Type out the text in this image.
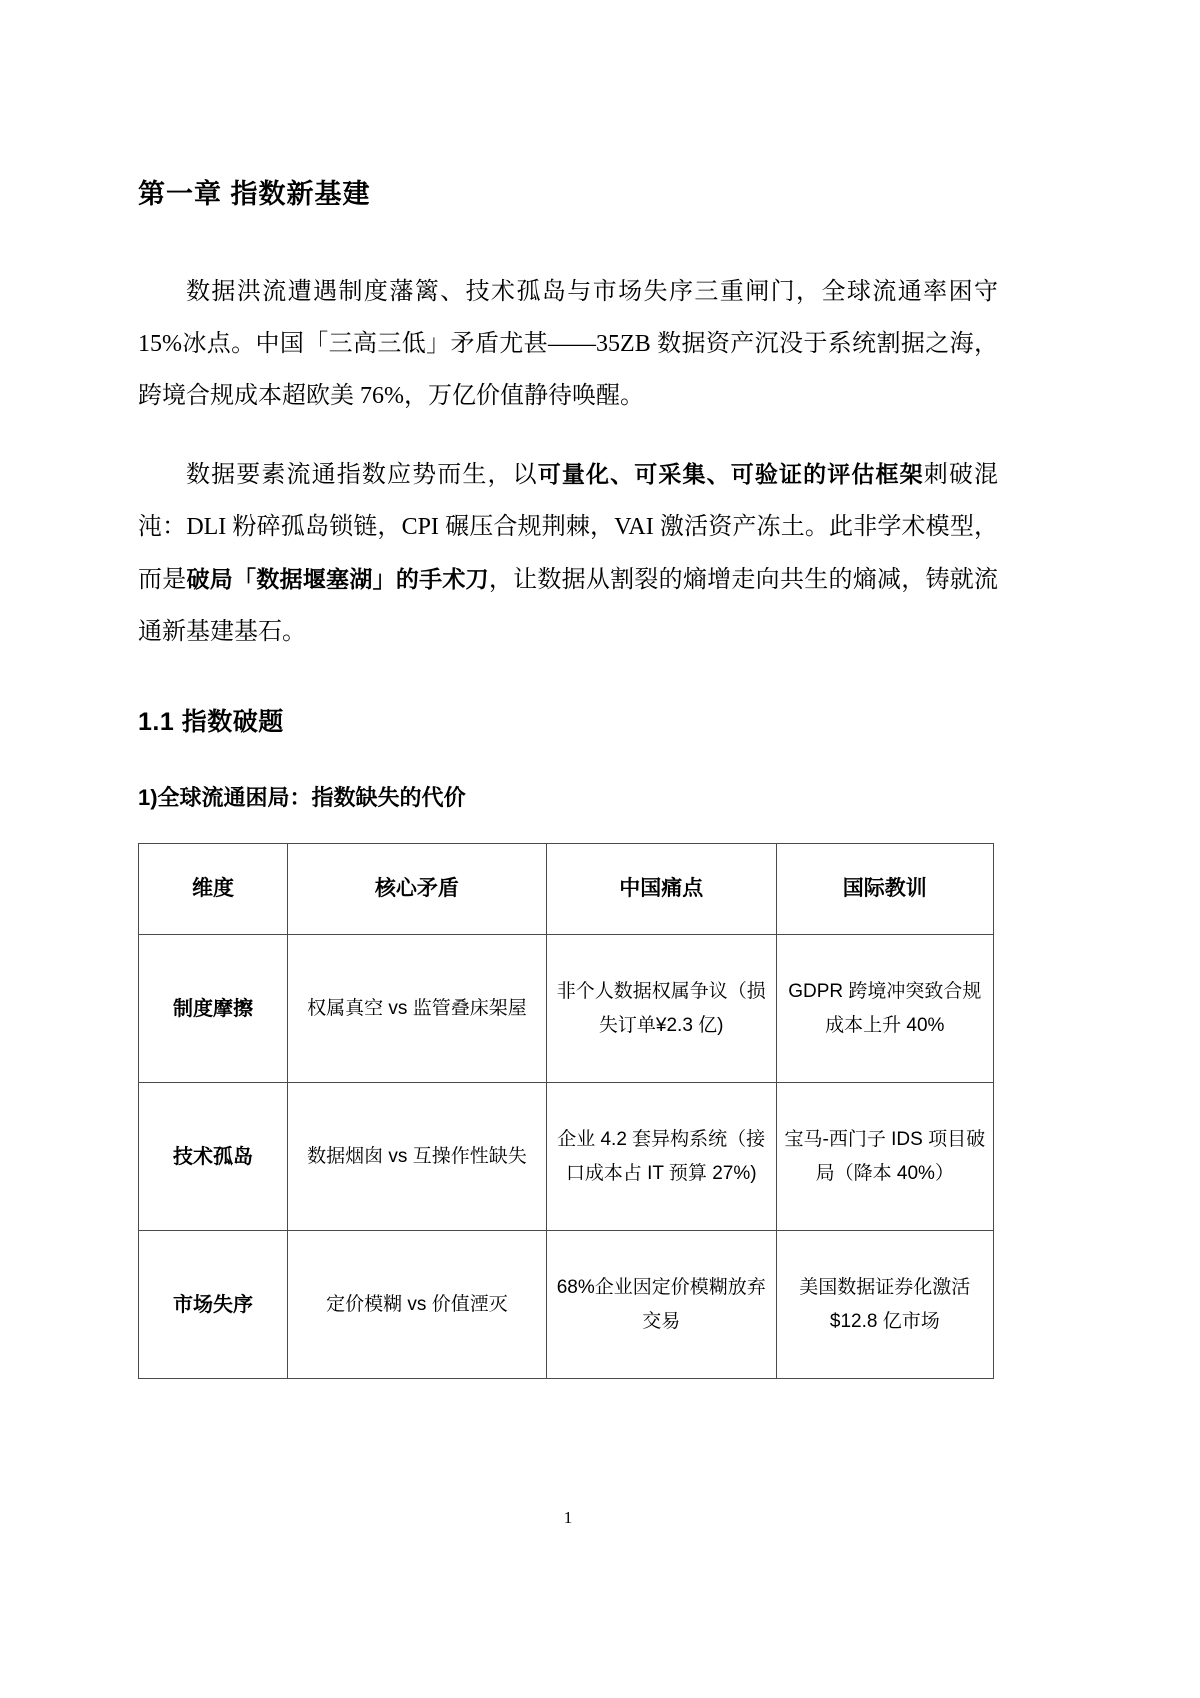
第一章 指数新基建

数据洪流遭遇制度藩篱、技术孤岛与市场失序三重闸门，全球流通率困守 15%冰点。中国「三高三低」矛盾尤甚——35ZB 数据资产沉没于系统割据之海，跨境合规成本超欧美 76%，万亿价值静待唤醒。

数据要素流通指数应势而生，以可量化、可采集、可验证的评估框架刺破混沌：DLI 粉碎孤岛锁链，CPI 碾压合规荆棘，VAI 激活资产冻土。此非学术模型，而是破局「数据堰塞湖」的手术刀，让数据从割裂的熵增走向共生的熵减，铸就流通新基建基石。

1.1 指数破题
1)全球流通困局：指数缺失的代价
维度	核心矛盾	中国痛点	国际教训
制度摩擦	权属真空 vs 监管叠床架屋	非个人数据权属争议（损失订单¥2.3 亿)	GDPR 跨境冲突致合规成本上升 40%
技术孤岛	数据烟囱 vs 互操作性缺失	企业 4.2 套异构系统（接口成本占 IT 预算 27%)	宝马-西门子 IDS 项目破局（降本 40%）
市场失序	定价模糊 vs 价值湮灭	68%企业因定价模糊放弃交易	美国数据证券化激活$12.8 亿市场
1
